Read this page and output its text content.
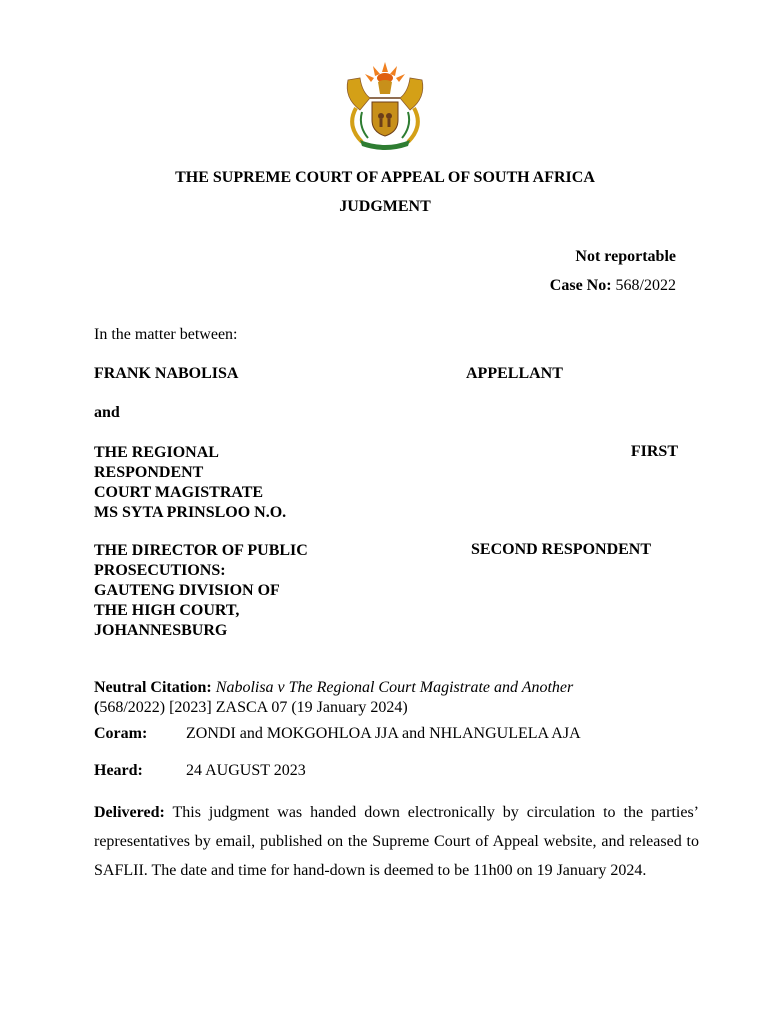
THE SUPREME COURT OF APPEAL OF SOUTH AFRICA
JUDGMENT
Not reportable
Case No: 568/2022
In the matter between:
FRANK NABOLISA	APPELLANT
and
THE REGIONAL
RESPONDENT
COURT MAGISTRATE
MS SYTA PRINSLOO N.O.
FIRST
THE DIRECTOR OF PUBLIC
PROSECUTIONS:
GAUTENG DIVISION OF
THE HIGH COURT,
JOHANNESBURG
SECOND RESPONDENT
Neutral Citation: Nabolisa v The Regional Court Magistrate and Another
(568/2022) [2023] ZASCA 07 (19 January 2024)
Coram: ZONDI and MOKGOHLOA JJA and NHLANGULELA AJA
Heard:	24 AUGUST 2023
Delivered: This judgment was handed down electronically by circulation to the parties’ representatives by email, published on the Supreme Court of Appeal website, and released to SAFLII. The date and time for hand-down is deemed to be 11h00 on 19 January 2024.
